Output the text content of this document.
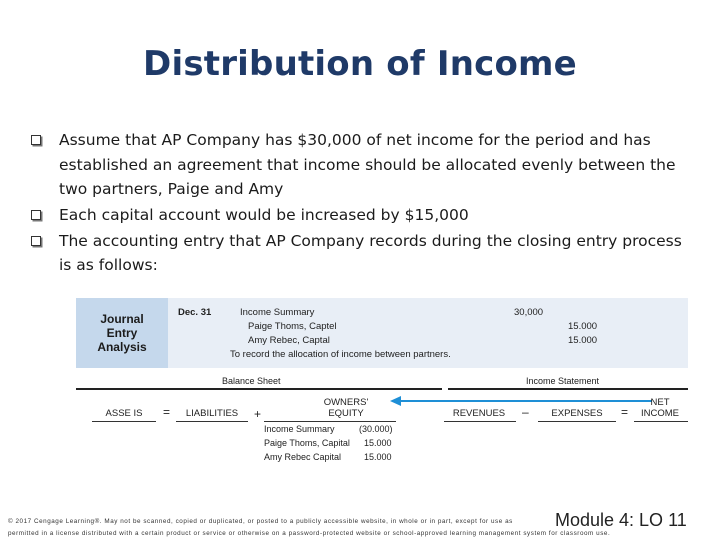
Distribution of Income
Assume that AP Company has $30,000 of net income for the period and has established an agreement that income should be allocated evenly between the two partners, Paige and Amy
Each capital account would be increased by $15,000
The accounting entry that AP Company records during the closing entry process is as follows:
Journal Entry Analysis
Dec. 31	Income Summary	30,000
Paige Thoms, Captel	15.000
Amy Rebec, Captal	15.000
To record the allocation of income between partners.
Balance Sheet	Income Statement
ASSE IS	=	LIABILITIES	+
OWNERS'
EQUITY	REVENUES	–	EXPENSES	=
NET
INCOME
Income Summary	(30.000)
Paige Thoms, Capital 15.000
Amy Rebec Capital	15.000
© 2017 Cengage Learning®. May not be scanned, copied or duplicated, or posted to a publicly accessible website, in whole or in part, except for use as
permitted in a license distributed with a certain product or service or otherwise on a password-protected website or school-approved learning management system for classroom use.
Module 4: LO 11
